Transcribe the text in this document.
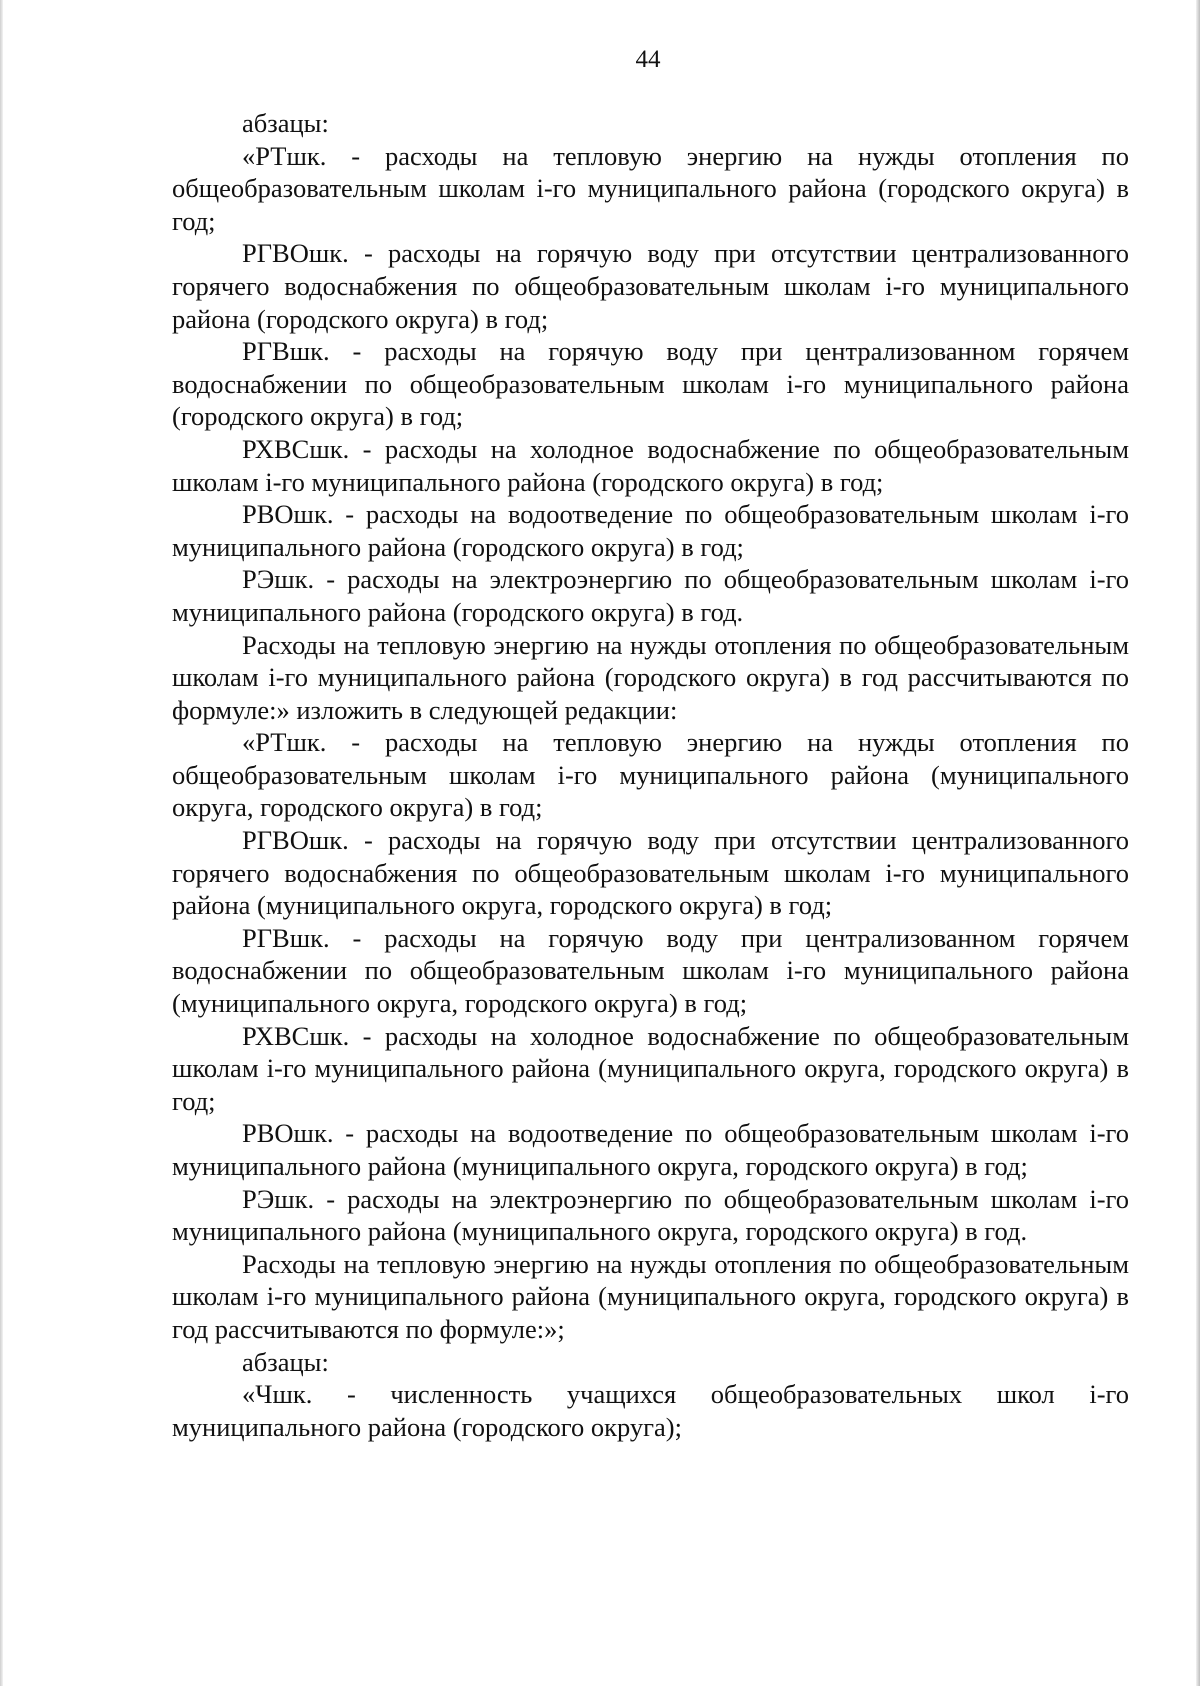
44

абзацы:

«РТшк. - расходы на тепловую энергию на нужды отопления по общеобразовательным школам i-го муниципального района (городского округа) в год;

РГВОшк. - расходы на горячую воду при отсутствии централизованного горячего водоснабжения по общеобразовательным школам i-го муниципального района (городского округа) в год;

РГВшк. - расходы на горячую воду при централизованном горячем водоснабжении по общеобразовательным школам i-го муниципального района (городского округа) в год;

РХВСшк. - расходы на холодное водоснабжение по общеобразовательным школам i-го муниципального района (городского округа) в год;

РВОшк. - расходы на водоотведение по общеобразовательным школам i-го муниципального района (городского округа) в год;

РЭшк. - расходы на электроэнергию по общеобразовательным школам i-го муниципального района (городского округа) в год.

Расходы на тепловую энергию на нужды отопления по общеобразовательным школам i-го муниципального района (городского округа) в год рассчитываются по формуле:» изложить в следующей редакции:

«РТшк. - расходы на тепловую энергию на нужды отопления по общеобразовательным школам i-го муниципального района (муниципального округа, городского округа) в год;

РГВОшк. - расходы на горячую воду при отсутствии централизованного горячего водоснабжения по общеобразовательным школам i-го муниципального района (муниципального округа, городского округа) в год;

РГВшк. - расходы на горячую воду при централизованном горячем водоснабжении по общеобразовательным школам i-го муниципального района (муниципального округа, городского округа) в год;

РХВСшк. - расходы на холодное водоснабжение по общеобразовательным школам i-го муниципального района (муниципального округа, городского округа) в год;

РВОшк. - расходы на водоотведение по общеобразовательным школам i-го муниципального района (муниципального округа, городского округа) в год;

РЭшк. - расходы на электроэнергию по общеобразовательным школам i-го муниципального района (муниципального округа, городского округа) в год.

Расходы на тепловую энергию на нужды отопления по общеобразовательным школам i-го муниципального района (муниципального округа, городского округа) в год рассчитываются по формуле:»;

абзацы:

«Чшк. - численность учащихся общеобразовательных школ i-го муниципального района (городского округа);
